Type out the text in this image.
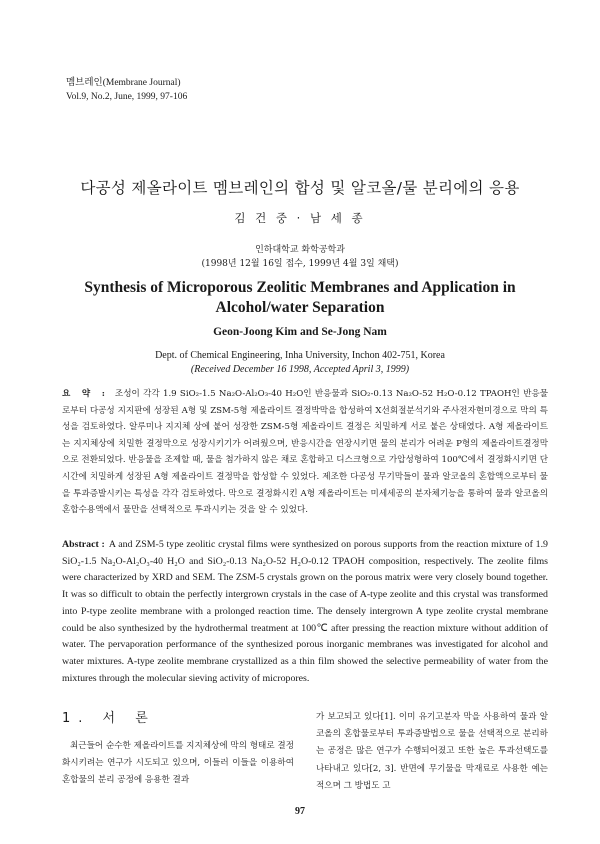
멤브레인(Membrane Journal)
Vol.9, No.2, June, 1999, 97-106
다공성 제올라이트 멤브레인의 합성 및 알코올/물 분리에의 응용
김 건 중 · 남 세 종
인하대학교 화학공학과
(1998년 12월 16일 접수, 1999년 4월 3일 채택)
Synthesis of Microporous Zeolitic Membranes and Application in Alcohol/water Separation
Geon-Joong Kim and Se-Jong Nam
Dept. of Chemical Engineering, Inha University, Inchon 402-751, Korea
(Received December 16 1998, Accepted April 3, 1999)
요 약 : 조성이 각각 1.9 SiO₂-1.5 Na₂O-Al₂O₃-40 H₂O인 반응물과 SiO₂-0.13 Na₂O-52 H₂O-0.12 TPAOH인 반응물로부터 다공성 지지판에 성장된 A형 및 ZSM-5형 제올라이트 결정박막을 합성하여 X선회절분석기와 주사전자현미경으로 막의 특성을 검토하였다. 알루미나 지지체 상에 붙어 성장한 ZSM-5형 제올라이트 결정은 치밀하게 서로 붙은 상태였다. A형 제올라이트는 지지체상에 치밀한 결정막으로 성장시키기가 어려웠으며, 반응시간을 연장시키면 물의 분리가 어려운 P형의 제올라이트결정막으로 전환되었다. 반응물을 조제할 때, 물을 첨가하지 않은 채로 혼합하고 디스크형으로 가압성형하여 100℃에서 결정화시키면 단시간에 치밀하게 성장된 A형 제올라이트 결정막을 합성할 수 있었다. 제조한 다공성 무기막들이 물과 알코올의 혼합액으로부터 물을 투과증발시키는 특성을 각각 검토하였다. 막으로 결정화시킨 A형 제올라이트는 미세세공의 분자체기능을 통하여 물과 알코올의 혼합수용액에서 물만을 선택적으로 투과시키는 것을 알 수 있었다.
Abstract : A and ZSM-5 type zeolitic crystal films were synthesized on porous supports from the reaction mixture of 1.9 SiO₂-1.5 Na₂O-Al₂O₃-40 H₂O and SiO₂-0.13 Na₂O-52 H₂O-0.12 TPAOH composition, respectively. The zeolite films were characterized by XRD and SEM. The ZSM-5 crystals grown on the porous matrix were very closely bound together. It was so difficult to obtain the perfectly intergrown crystals in the case of A-type zeolite and this crystal was transformed into P-type zeolite membrane with a prolonged reaction time. The densely intergrown A type zeolite crystal membrane could be also synthesized by the hydrothermal treatment at 100℃ after pressing the reaction mixture without addition of water. The pervaporation performance of the synthesized porous inorganic membranes was investigated for alcohol and water mixtures. A-type zeolite membrane crystallized as a thin film showed the selective permeability of water from the mixtures through the molecular sieving activity of micropores.
1. 서 론

최근들어 순수한 제올라이트를 지지체상에 막의 형태로 결정화시키려는 연구가 시도되고 있으며, 이들러 이들을 이용하여 혼합물의 분리 공정에 응용한 결과

가 보고되고 있다[1]. 이미 유기고분자 막을 사용하여 물과 알코올의 혼합물로부터 투과증발법으로 물을 선택적으로 분리하는 공정은 많은 연구가 수행되어졌고 또한 높은 투과선택도를 나타내고 있다[2, 3]. 반면에 무기물을 막재료로 사용한 예는 적으며 그 방법도 고

97
